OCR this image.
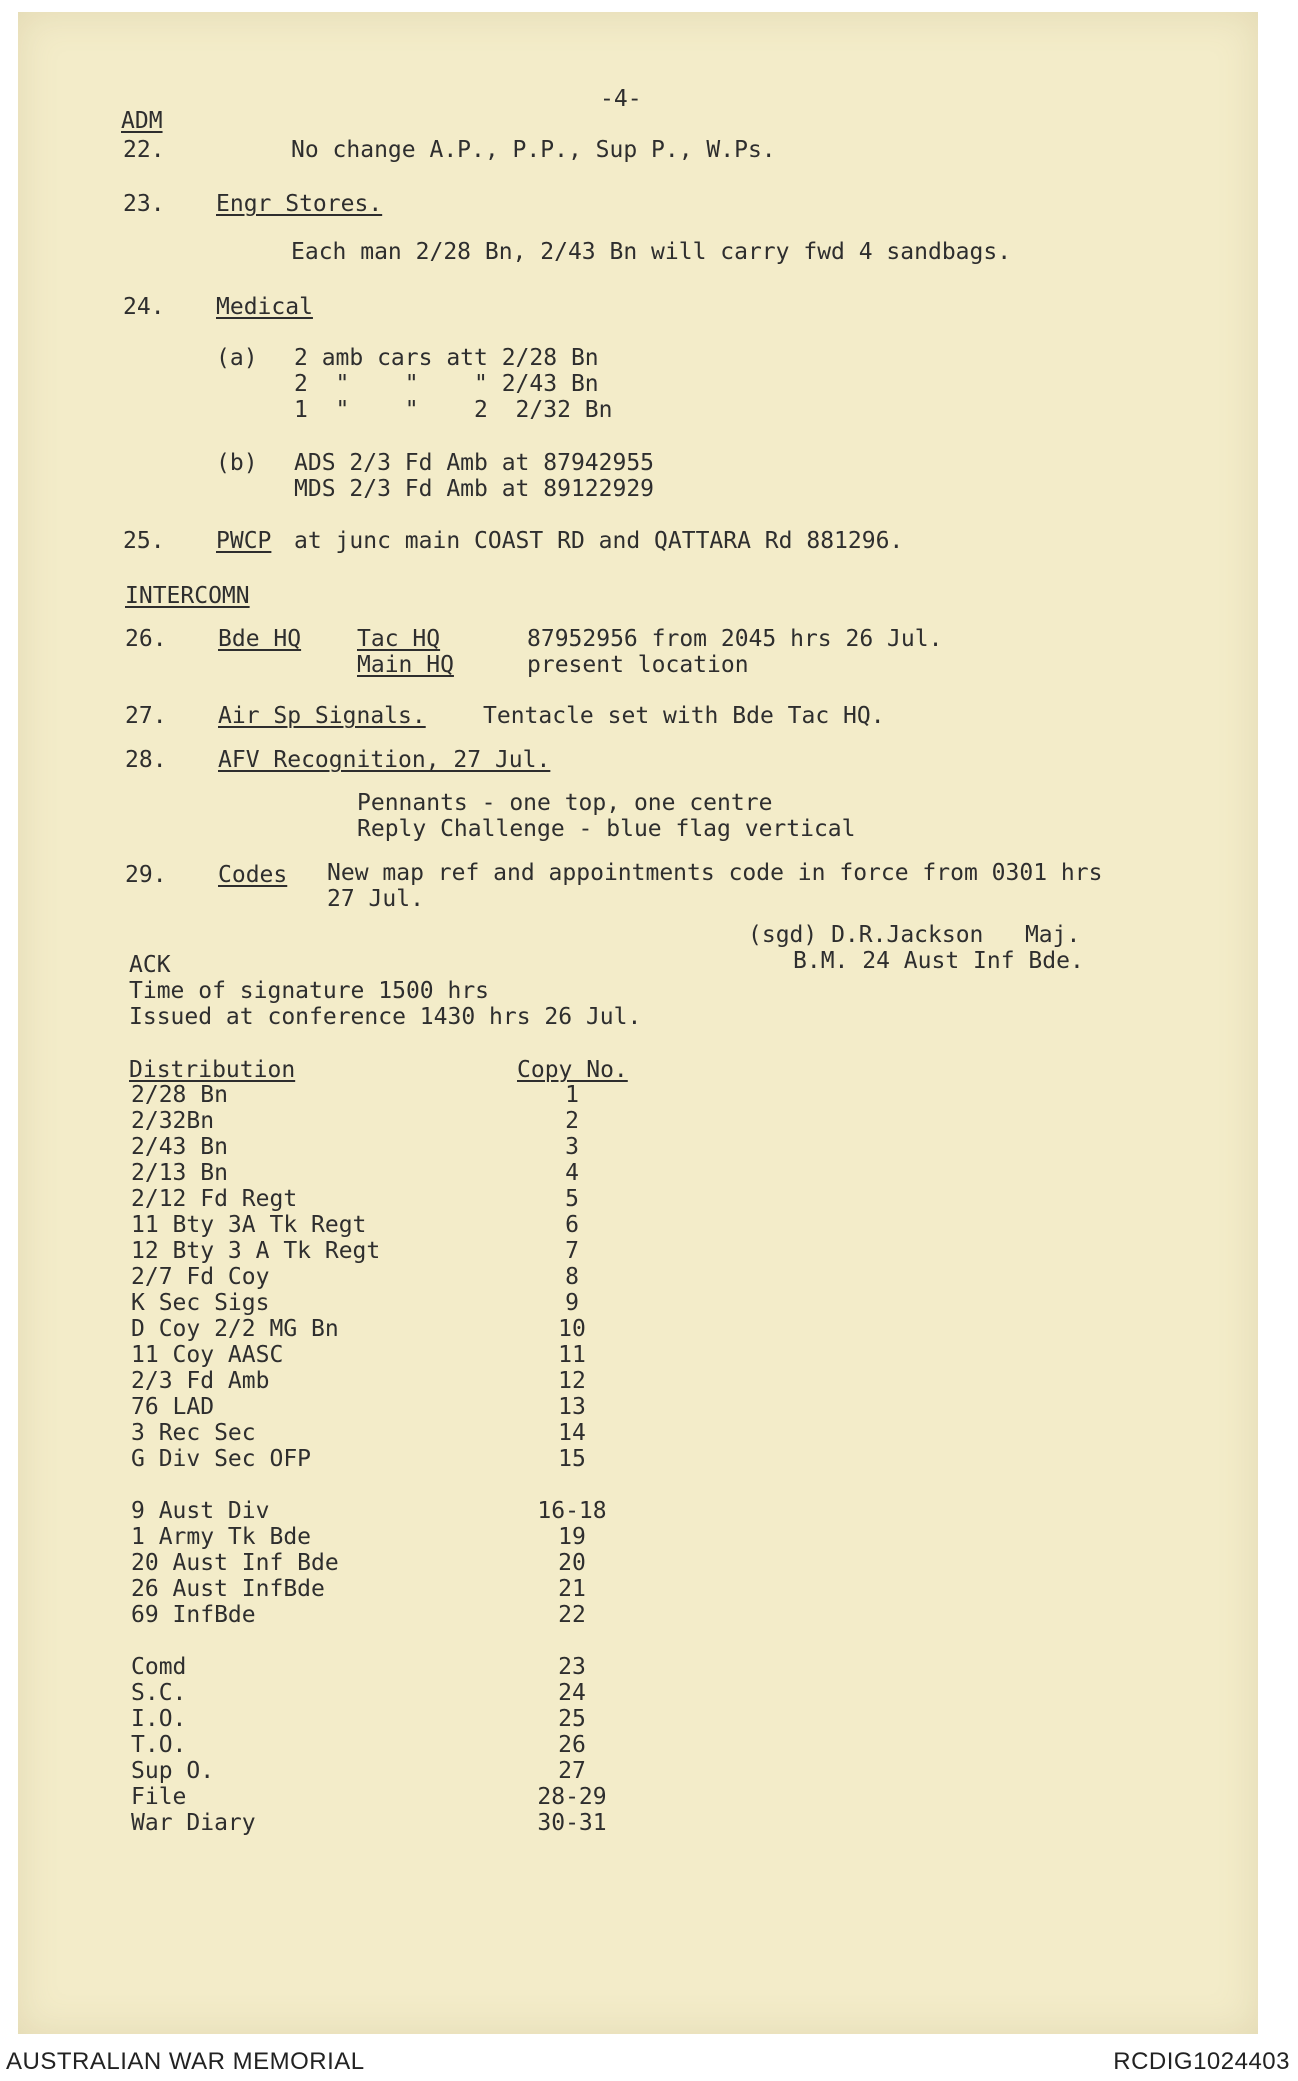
-4-
ADM
22.	No change A.P., P.P., Sup P., W.Ps.
23. Engr Stores.
Each man 2/28 Bn, 2/43 Bn will carry fwd 4 sandbags.
24. Medical
(a) 2 amb cars att 2/28 Bn
2  "    "    " 2/43 Bn
1  "    "    2  2/32 Bn
(b) ADS 2/3 Fd Amb at 87942955
MDS 2/3 Fd Amb at 89122929
25. PWCP at junc main COAST RD and QATTARA Rd 881296.
INTERCOMN
26. Bde HQ Tac HQ	87952956 from 2045 hrs 26 Jul.
Main HQ	present location
27. Air Sp Signals. Tentacle set with Bde Tac HQ.
28. AFV Recognition, 27 Jul.
Pennants - one top, one centre
Reply Challenge - blue flag vertical
29. Codes New map ref and appointments code in force from 0301 hrs
27 Jul.
(sgd) D.R.Jackson   Maj.
B.M. 24 Aust Inf Bde.
ACK
Time of signature 1500 hrs
Issued at conference 1430 hrs 26 Jul.
Distribution	Copy No.
2/28 Bn	1
2/32Bn	2
2/43 Bn	3
2/13 Bn	4
2/12 Fd Regt	5
11 Bty 3A Tk Regt	6
12 Bty 3 A Tk Regt	7
2/7 Fd Coy	8
K Sec Sigs	9
D Coy 2/2 MG Bn	10
11 Coy AASC	11
2/3 Fd Amb	12
76 LAD	13
3 Rec Sec	14
G Div Sec OFP	15
9 Aust Div	16-18
1 Army Tk Bde	19
20 Aust Inf Bde	20
26 Aust InfBde	21
69 InfBde	22
Comd	23
S.C.	24
I.O.	25
T.O.	26
Sup O.	27
File	28-29
War Diary	30-31
AUSTRALIAN WAR MEMORIAL	RCDIG1024403
